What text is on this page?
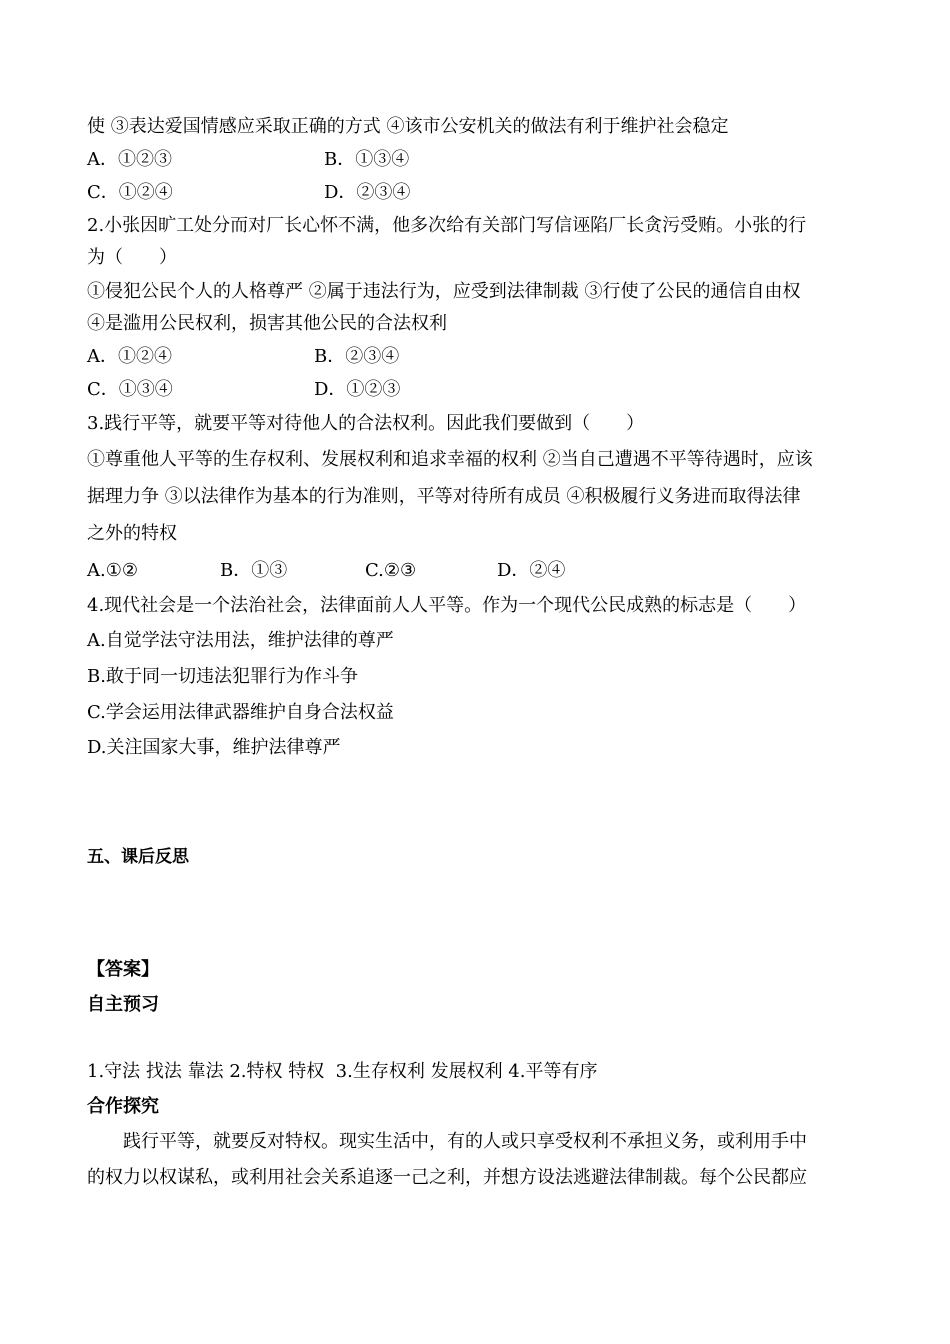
使 ③表达爱国情感应采取正确的方式 ④该市公安机关的做法有利于维护社会稳定
A．①②③	B．①③④
C．①②④	D．②③④
2.小张因旷工处分而对厂长心怀不满，他多次给有关部门写信诬陷厂长贪污受贿。小张的行
为（　　）
①侵犯公民个人的人格尊严 ②属于违法行为，应受到法律制裁 ③行使了公民的通信自由权
④是滥用公民权利，损害其他公民的合法权利
A．①②④	B．②③④
C．①③④	D．①②③
3.践行平等，就要平等对待他人的合法权利。因此我们要做到（　　）
①尊重他人平等的生存权利、发展权利和追求幸福的权利 ②当自己遭遇不平等待遇时，应该
据理力争 ③以法律作为基本的行为准则，平等对待所有成员 ④积极履行义务进而取得法律
之外的特权
A.①②	B．①③	C.②③	D．②④
4.现代社会是一个法治社会，法律面前人人平等。作为一个现代公民成熟的标志是（　　）
A.自觉学法守法用法，维护法律的尊严
B.敢于同一切违法犯罪行为作斗争
C.学会运用法律武器维护自身合法权益
D.关注国家大事，维护法律尊严
五、课后反思
【答案】
自主预习
1.守法 找法 靠法 2.特权 特权  3.生存权利 发展权利 4.平等有序
合作探究
　　践行平等，就要反对特权。现实生活中，有的人或只享受权利不承担义务，或利用手中
的权力以权谋私，或利用社会关系追逐一己之利，并想方设法逃避法律制裁。每个公民都应
